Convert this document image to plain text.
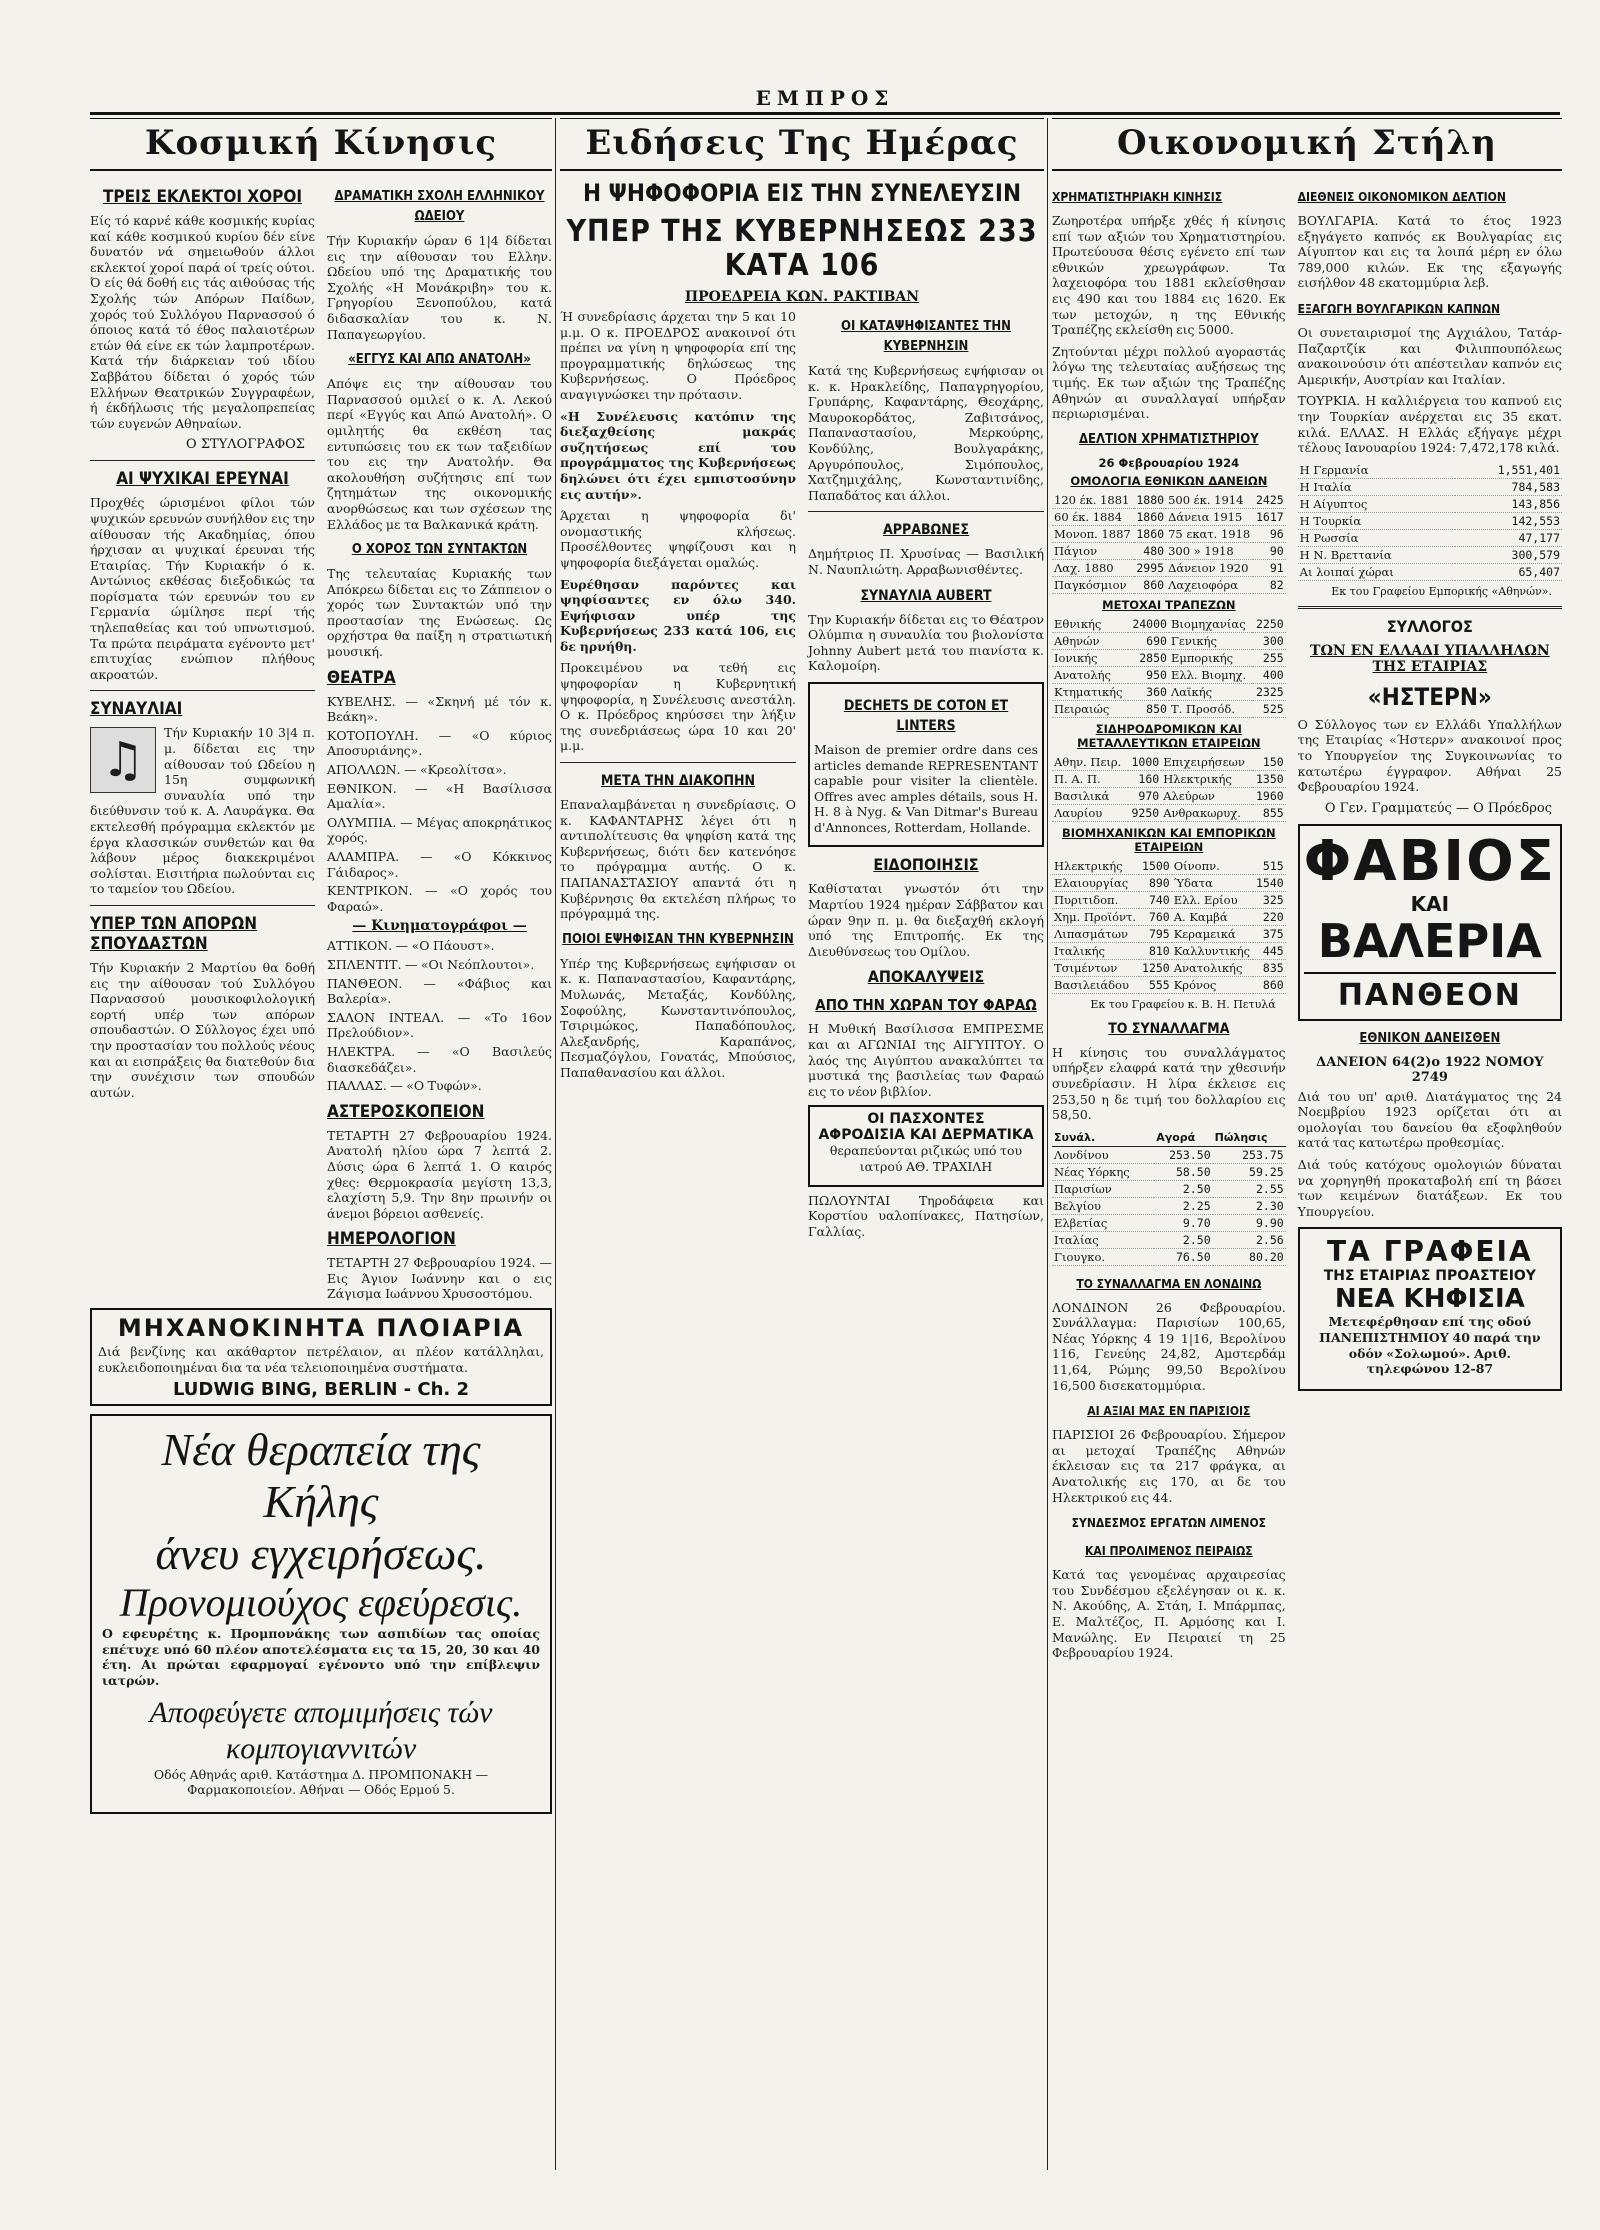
ΕΜΠΡΟΣ
Κοσμική Κίνησις
ΤΡΕΙΣ ΕΚΛΕΚΤΟΙ ΧΟΡΟΙ

Είς τό καρνέ κάθε κοσμικής κυρίας καί κάθε κοσμικού κυρίου δέν είνε δυνατόν νά σημειωθούν άλλοι εκλεκτοί χοροί παρά οί τρείς ούτοι. Ό είς θά δοθή εις τάς αιθούσας τής Σχολής τών Απόρων Παίδων, χορός τού Συλλόγου Παρνασσού ό όποιος κατά τό έθος παλαιοτέρων ετών θά είνε εκ τών λαμπροτέρων. Κατά τήν διάρκειαν τού ιδίου Σαββάτου δίδεται ό χορός τών Ελλήνων Θεατρικών Συγγραφέων, ή έκδήλωσις τής μεγαλοπρεπείας τών ευγενών Αθηναίων.

Ο ΣΤΥΛΟΓΡΑΦΟΣ
ΑΙ ΨΥΧΙΚΑΙ ΕΡΕΥΝΑΙ

Προχθές ώρισμένοι φίλοι τών ψυχικών ερευνών συνήλθον εις την αίθουσαν τής Ακαδημίας, όπου ήρχισαν αι ψυχικαί έρευναι τής Εταιρίας. Τήν Κυριακήν ό κ. Αντώνιος εκθέσας διεξοδικώς τα πορίσματα τών ερευνών του εν Γερμανία ώμίλησε περί τής τηλεπαθείας και τού υπνωτισμού. Τα πρώτα πειράματα εγένοντο μετ' επιτυχίας ενώπιον πλήθους ακροατών.

ΣΥΝΑΥΛΙΑΙ

♫	Τήν Κυριακήν 10 3|4 π. μ. δίδεται εις την αίθουσαν τού Ωδείου η 15η συμφωνική συναυλία υπό την διεύθυνσιν τού κ. Α. Λαυράγκα. Θα εκτελεσθή πρόγραμμα εκλεκτόν με έργα κλασσικών συνθετών και θα λάβουν μέρος διακεκριμένοι σολίσται. Εισιτήρια πωλούνται εις το ταμείον του Ωδείου.

ΥΠΕΡ ΤΩΝ ΑΠΟΡΩΝ ΣΠΟΥΔΑΣΤΩΝ

Τήν Κυριακήν 2 Μαρτίου θα δοθή εις την αίθουσαν τού Συλλόγου Παρνασσού μουσικοφιλολογική εορτή υπέρ των απόρων σπουδαστών. Ο Σύλλογος έχει υπό την προστασίαν του πολλούς νέους και αι εισπράξεις θα διατεθούν δια την συνέχισιν των σπουδών αυτών.

ΔΡΑΜΑΤΙΚΗ ΣΧΟΛΗ ΕΛΛΗΝΙΚΟΥ ΩΔΕΙΟΥ

Τήν Κυριακήν ώραν 6 1|4 δίδεται εις την αίθουσαν του Ελλην. Ωδείου υπό της Δραματικής του Σχολής «Η Μονάκριβη» του κ. Γρηγορίου Ξενοπούλου, κατά διδασκαλίαν του κ. Ν. Παπαγεωργίου.

«ΕΓΓΥΣ ΚΑΙ ΑΠΩ ΑΝΑΤΟΛΗ»

Απόψε εις την αίθουσαν του Παρνασσού ομιλεί ο κ. Λ. Λεκού περί «Εγγύς και Απώ Ανατολή». Ο ομιλητής θα εκθέση τας εντυπώσεις του εκ των ταξειδίων του εις την Ανατολήν. Θα ακολουθήση συζήτησις επί των ζητημάτων της οικονομικής ανορθώσεως και των σχέσεων της Ελλάδος με τα Βαλκανικά κράτη.

Ο ΧΟΡΟΣ ΤΩΝ ΣΥΝΤΑΚΤΩΝ

Της τελευταίας Κυριακής των Απόκρεω δίδεται εις το Ζάππειον ο χορός των Συντακτών υπό την προστασίαν της Ενώσεως. Ως ορχήστρα θα παίξη η στρατιωτική μουσική.

ΘΕΑΤΡΑ

ΚΥΒΕΛΗΣ. — «Σκηνή μέ τόν κ. Βεάκη».

ΚΟΤΟΠΟΥΛΗ. — «Ο κύριος Αποσυριάνης».

ΑΠΟΛΛΩΝ. — «Κρεολίτσα».

ΕΘΝΙΚΟΝ. — «Η Βασίλισσα Αμαλία».

ΟΛΥΜΠΙΑ. — Μέγας αποκρηάτικος χορός.

ΑΛΑΜΠΡΑ. — «Ο Κόκκινος Γάιδαρος».

ΚΕΝΤΡΙΚΟΝ. — «Ο χορός του Φαραώ».

— Κινηματογράφοι —

ΑΤΤΙΚΟΝ. — «Ο Πάουστ».

ΣΠΛΕΝΤΙΤ. — «Οι Νεόπλουτοι».

ΠΑΝΘΕΟΝ. — «Φάβιος και Βαλερία».

ΣΑΛΟΝ ΙΝΤΕΑΛ. — «Το 16ον Πρελούδιον».

ΗΛΕΚΤΡΑ. — «Ο Βασιλεύς διασκεδάζει».

ΠΑΛΛΑΣ. — «Ο Τυφών».

ΑΣΤΕΡΟΣΚΟΠΕΙΟΝ

ΤΕΤΑΡΤΗ 27 Φεβρουαρίου 1924. Ανατολή ηλίου ώρα 7 λεπτά 2. Δύσις ώρα 6 λεπτά 1. Ο καιρός χθες: Θερμοκρασία μεγίστη 13,3, ελαχίστη 5,9. Την 8ην πρωινήν οι άνεμοι βόρειοι ασθενείς.

ΗΜΕΡΟΛΟΓΙΟΝ

ΤΕΤΑΡΤΗ 27 Φεβρουαρίου 1924. — Εις Άγιον Ιωάννην και ο εις Ζάγισμα Ιωάννου Χρυσοστόμου.

ΜΗΧΑΝΟΚΙΝΗΤΑ ΠΛΟΙΑΡΙΑ

Διά βενζίνης και ακάθαρτον πετρέλαιον, αι πλέον κατάλληλαι, ευκλειδοποιημέναι δια τα νέα τελειοποιημένα συστήματα.

LUDWIG BING, BERLIN - Ch. 2
Νέα θεραπεία της Κήλης
άνευ εγχειρήσεως.
Προνομιούχος εφεύρεσις.

Ο εφευρέτης κ. Προμπονάκης των ασπιδίων τας οποίας επέτυχε υπό 60 πλέον αποτελέσματα εις τα 15, 20, 30 και 40 έτη. Αι πρώται εφαρμογαί εγένοντο υπό την επίβλεψιν ιατρών.

Αποφεύγετε απομιμήσεις τών κομπογιαννιτών

Οδός Αθηνάς αριθ. Κατάστημα Δ. ΠΡΟΜΠΟΝΑΚΗ — Φαρμακοποιείον. Αθήναι — Οδός Ερμού 5.

Ειδήσεις Της Ημέρας
Η ΨΗΦΟΦΟΡΙΑ ΕΙΣ ΤΗΝ ΣΥΝΕΛΕΥΣΙΝ
ΥΠΕΡ ΤΗΣ ΚΥΒΕΡΝΗΣΕΩΣ 233 ΚΑΤΑ 106
ΠΡΟΕΔΡΕΙΑ ΚΩΝ. ΡΑΚΤΙΒΑΝ

Ή συνεδρίασις άρχεται την 5 και 10 μ.μ. Ο κ. ΠΡΟΕΔΡΟΣ ανακοινοί ότι πρέπει να γίνη η ψηφοφορία επί της προγραμματικής δηλώσεως της Κυβερνήσεως. Ο Πρόεδρος αναγιγνώσκει την πρότασιν.

«Η Συνέλευσις κατόπιν της διεξαχθείσης μακράς συζητήσεως επί του προγράμματος της Κυβερνήσεως δηλώνει ότι έχει εμπιστοσύνην εις αυτήν».

Άρχεται η ψηφοφορία δι' ονομαστικής κλήσεως. Προσέλθοντες ψηφίζουσι και η ψηφοφορία διεξάγεται ομαλώς.

Ευρέθησαν παρόντες και ψηφίσαντες εν όλω 340. Εψήφισαν υπέρ της Κυβερνήσεως 233 κατά 106, εις δε ηρνήθη.

Προκειμένου να τεθή εις ψηφοφορίαν η Κυβερνητική ψηφοφορία, η Συνέλευσις ανεστάλη. Ο κ. Πρόεδρος κηρύσσει την λήξιν της συνεδριάσεως ώρα 10 και 20' μ.μ.

ΜΕΤΑ ΤΗΝ ΔΙΑΚΟΠΗΝ

Επαναλαμβάνεται η συνεδρίασις. Ο κ. ΚΑΦΑΝΤΑΡΗΣ λέγει ότι η αντιπολίτευσις θα ψηφίση κατά της Κυβερνήσεως, διότι δεν κατενόησε το πρόγραμμα αυτής. Ο κ. ΠΑΠΑΝΑΣΤΑΣΙΟΥ απαντά ότι η Κυβέρνησις θα εκτελέση πλήρως το πρόγραμμά της.

ΠΟΙΟΙ ΕΨΗΦΙΣΑΝ ΤΗΝ ΚΥΒΕΡΝΗΣΙΝ

Υπέρ της Κυβερνήσεως εψήφισαν οι κ. κ. Παπαναστασίου, Καφαντάρης, Μυλωνάς, Μεταξάς, Κονδύλης, Σοφούλης, Κωνσταντινόπουλος, Τσιριμώκος, Παπαδόπουλος, Αλεξανδρής, Καραπάνος, Πεσμαζόγλου, Γονατάς, Μπούσιος, Παπαθανασίου και άλλοι.

ΟΙ ΚΑΤΑΨΗΦΙΣΑΝΤΕΣ ΤΗΝ ΚΥΒΕΡΝΗΣΙΝ

Κατά της Κυβερνήσεως εψήφισαν οι κ. κ. Ηρακλείδης, Παπαγρηγορίου, Γρυπάρης, Καφαντάρης, Θεοχάρης, Μαυροκορδάτος, Ζαβιτσάνος, Παπαναστασίου, Μερκούρης, Κονδύλης, Βουλγαράκης, Αργυρόπουλος, Σιμόπουλος, Χατζημιχάλης, Κωνσταντινίδης, Παπαδάτος και άλλοι.

ΑΡΡΑΒΩΝΕΣ

Δημήτριος Π. Χρυσίνας — Βασιλική Ν. Ναυπλιώτη. Αρραβωνισθέντες.

ΣΥΝΑΥΛΙΑ AUBERT

Την Κυριακήν δίδεται εις το Θέατρον Ολύμπια η συναυλία του βιολονίστα Johnny Aubert μετά του πιανίστα κ. Καλομοίρη.

DECHETS DE COTON ET LINTERS

Maison de premier ordre dans ces articles demande REPRESENTANT capable pour visiter la clientèle. Offres avec amples détails, sous H. H. 8 à Nyg. & Van Ditmar's Bureau d'Annonces, Rotterdam, Hollande.

ΕΙΔΟΠΟΙΗΣΙΣ

Καθίσταται γνωστόν ότι την Μαρτίου 1924 ημέραν Σάββατον και ώραν 9ην π. μ. θα διεξαχθή εκλογή υπό της Επιτροπής. Εκ της Διευθύνσεως του Ομίλου.

ΑΠΟΚΑΛΥΨΕΙΣ
ΑΠΟ ΤΗΝ ΧΩΡΑΝ ΤΟΥ ΦΑΡΑΩ

Η Μυθική Βασίλισσα ΕΜΠΡΕΣΜΕ και αι ΑΓΩΝΙΑΙ της ΑΙΓΥΠΤΟΥ. Ο λαός της Αιγύπτου ανακαλύπτει τα μυστικά της βασιλείας των Φαραώ εις το νέον βιβλίον.

ΟΙ ΠΑΣΧΟΝΤΕΣ
ΑΦΡΟΔΙΣΙΑ ΚΑΙ ΔΕΡΜΑΤΙΚΑ
θεραπεύονται ριζικώς υπό του ιατρού ΑΘ. ΤΡΑΧΙΛΗ

ΠΩΛΟΥΝΤΑΙ Τηροδάφεια και Κορστίου υαλοπίνακες, Πατησίων, Γαλλίας.

Οικονομική Στήλη
ΧΡΗΜΑΤΙΣΤΗΡΙΑΚΗ ΚΙΝΗΣΙΣ

Ζωηροτέρα υπήρξε χθές ή κίνησις επί των αξιών του Χρηματιστηρίου. Πρωτεύουσα θέσις εγένετο επί των εθνικών χρεωγράφων. Τα λαχειοφόρα του 1881 εκλείσθησαν εις 490 και του 1884 εις 1620. Εκ των μετοχών, η της Εθνικής Τραπέζης εκλείσθη εις 5000.

Ζητούνται μέχρι πολλού αγοραστάς λόγω της τελευταίας αυξήσεως της τιμής. Εκ των αξιών της Τραπέζης Αθηνών αι συναλλαγαί υπήρξαν περιωρισμέναι.

ΔΕΛΤΙΟΝ ΧΡΗΜΑΤΙΣΤΗΡΙΟΥ
26 Φεβρουαρίου 1924
ΟΜΟΛΟΓΙΑ ΕΘΝΙΚΩΝ ΔΑΝΕΙΩΝ
120 έκ. 1881	1880	500 έκ. 1914	2425
60 έκ. 1884	1860	Δάνεια 1915	1617
Μονοπ. 1887	1860	75 εκατ. 1918	96
Πάγιον	480	300 » 1918	90
Λαχ. 1880	2995	Δάνειον 1920	91
Παγκόσμιον	860	Λαχειοφόρα	82
ΜΕΤΟΧΑΙ ΤΡΑΠΕΖΩΝ
Εθνικής	24000	Βιομηχανίας	2250
Αθηνών	690	Γενικής	300
Ιονικής	2850	Εμπορικής	255
Ανατολής	950	Ελλ. Βιομηχ.	400
Κτηματικής	360	Λαϊκής	2325
Πειραιώς	850	Τ. Προσόδ.	525
ΣΙΔΗΡΟΔΡΟΜΙΚΩΝ ΚΑΙ ΜΕΤΑΛΛΕΥΤΙΚΩΝ ΕΤΑΙΡΕΙΩΝ
Αθην. Πειρ.	1000	Επιχειρήσεων	150
Π. Α. Π.	160	Ηλεκτρικής	1350
Βασιλικά	970	Αλεύρων	1960
Λαυρίου	9250	Ανθρακωρυχ.	855
ΒΙΟΜΗΧΑΝΙΚΩΝ ΚΑΙ ΕΜΠΟΡΙΚΩΝ ΕΤΑΙΡΕΙΩΝ
Ηλεκτρικής	1500	Οίνοπν.	515
Ελαιουργίας	890	Ύδατα	1540
Πυριτιδοπ.	740	Ελλ. Ερίου	325
Χημ. Προϊόντ.	760	Α. Καμβά	220
Λιπασμάτων	795	Κεραμεικά	375
Ιταλικής	810	Καλλυντικής	445
Τσιμέντων	1250	Ανατολικής	835
Βασιλειάδου	555	Κρόνος	860
Εκ του Γραφείου κ. Β. Η. Πετυλά
ΤΟ ΣΥΝΑΛΛΑΓΜΑ

Η κίνησις του συναλλάγματος υπήρξεν ελαφρά κατά την χθεσινήν συνεδρίασιν. Η λίρα έκλεισε εις 253,50 η δε τιμή του δολλαρίου εις 58,50.

Συνάλ.	Αγορά	Πώλησις
Λονδίνου	253.50	253.75
Νέας Υόρκης	58.50	59.25
Παρισίων	2.50	2.55
Βελγίου	2.25	2.30
Ελβετίας	9.70	9.90
Ιταλίας	2.50	2.56
Γιουγκο.	76.50	80.20
ΤΟ ΣΥΝΑΛΛΑΓΜΑ ΕΝ ΛΟΝΔΙΝΩ

ΛΟΝΔΙΝΟΝ 26 Φεβρουαρίου. Συνάλλαγμα: Παρισίων 100,65, Νέας Υόρκης 4 19 1|16, Βερολίνου 116, Γενεύης 24,82, Αμστερδάμ 11,64, Ρώμης 99,50 Βερολίνου 16,500 δισεκατομμύρια.

ΑΙ ΑΞΙΑΙ ΜΑΣ ΕΝ ΠΑΡΙΣΙΟΙΣ

ΠΑΡΙΣΙΟΙ 26 Φεβρουαρίου. Σήμερον αι μετοχαί Τραπέζης Αθηνών έκλεισαν εις τα 217 φράγκα, αι Ανατολικής εις 170, αι δε του Ηλεκτρικού εις 44.

ΣΥΝΔΕΣΜΟΣ ΕΡΓΑΤΩΝ ΛΙΜΕΝΟΣ
ΚΑΙ ΠΡΟΛΙΜΕΝΟΣ ΠΕΙΡΑΙΩΣ

Κατά τας γενομένας αρχαιρεσίας του Συνδέσμου εξελέγησαν οι κ. κ. Ν. Ακούδης, Α. Στάη, Ι. Μπάρμπας, Ε. Μαλτέζος, Π. Αρμόσης και Ι. Μανώλης. Εν Πειραιεί τη 25 Φεβρουαρίου 1924.

ΔΙΕΘΝΕΙΣ ΟΙΚΟΝΟΜΙΚΟΝ ΔΕΛΤΙΟΝ

ΒΟΥΛΓΑΡΙΑ. Κατά το έτος 1923 εξηγάγετο καπνός εκ Βουλγαρίας εις Αίγυπτον και εις τα λοιπά μέρη εν όλω 789,000 κιλών. Εκ της εξαγωγής εισήλθον 48 εκατομμύρια λεβ.

ΕΞΑΓΩΓΗ ΒΟΥΛΓΑΡΙΚΩΝ ΚΑΠΝΩΝ

Οι συνεταιρισμοί της Αγχιάλου, Τατάρ-Παζαρτζίκ και Φιλιππουπόλεως ανακοινούσιν ότι απέστειλαν καπνόν εις Αμερικήν, Αυστρίαν και Ιταλίαν.

ΤΟΥΡΚΙΑ. Η καλλιέργεια του καπνού εις την Τουρκίαν ανέρχεται εις 35 εκατ. κιλά. ΕΛΛΑΣ. Η Ελλάς εξήγαγε μέχρι τέλους Ιανουαρίου 1924: 7,472,178 κιλά.

Η Γερμανία	1,551,401
Η Ιταλία	784,583
Η Αίγυπτος	143,856
Η Τουρκία	142,553
Η Ρωσσία	47,177
Η Ν. Βρεττανία	300,579
Αι λοιπαί χώραι	65,407
Εκ του Γραφείου Εμπορικής «Αθηνών».
ΣΥΛΛΟΓΟΣ
ΤΩΝ ΕΝ ΕΛΛΑΔΙ ΥΠΑΛΛΗΛΩΝ ΤΗΣ ΕΤΑΙΡΙΑΣ
«ΗΣΤΕΡΝ»

Ο Σύλλογος των εν Ελλάδι Υπαλλήλων της Εταιρίας «Ήστερν» ανακοινοί προς το Υπουργείον της Συγκοινωνίας το κατωτέρω έγγραφον. Αθήναι 25 Φεβρουαρίου 1924.

Ο Γεν. Γραμματεύς — Ο Πρόεδρος
ΦΑΒΙΟΣ
ΚΑΙ
ΒΑΛΕΡΙΑ
ΠΑΝΘΕΟΝ
ΕΘΝΙΚΟΝ ΔΑΝΕΙΣΘΕΝ
ΔΑΝΕΙΟΝ 64(2)ο 1922 ΝΟΜΟΥ 2749

Διά του υπ' αριθ. Διατάγματος της 24 Νοεμβρίου 1923 ορίζεται ότι αι ομολογίαι του δανείου θα εξοφληθούν κατά τας κατωτέρω προθεσμίας.

Διά τούς κατόχους ομολογιών δύναται να χορηγηθή προκαταβολή επί τη βάσει των κειμένων διατάξεων. Εκ του Υπουργείου.

ΤΑ ΓΡΑΦΕΙΑ
ΤΗΣ ΕΤΑΙΡΙΑΣ ΠΡΟΑΣΤΕΙΟΥ
ΝΕΑ ΚΗΦΙΣΙΑ

Μετεφέρθησαν επί της οδού ΠΑΝΕΠΙΣΤΗΜΙΟΥ 40 παρά την οδόν «Σολωμού». Αριθ. τηλεφώνου 12-87
